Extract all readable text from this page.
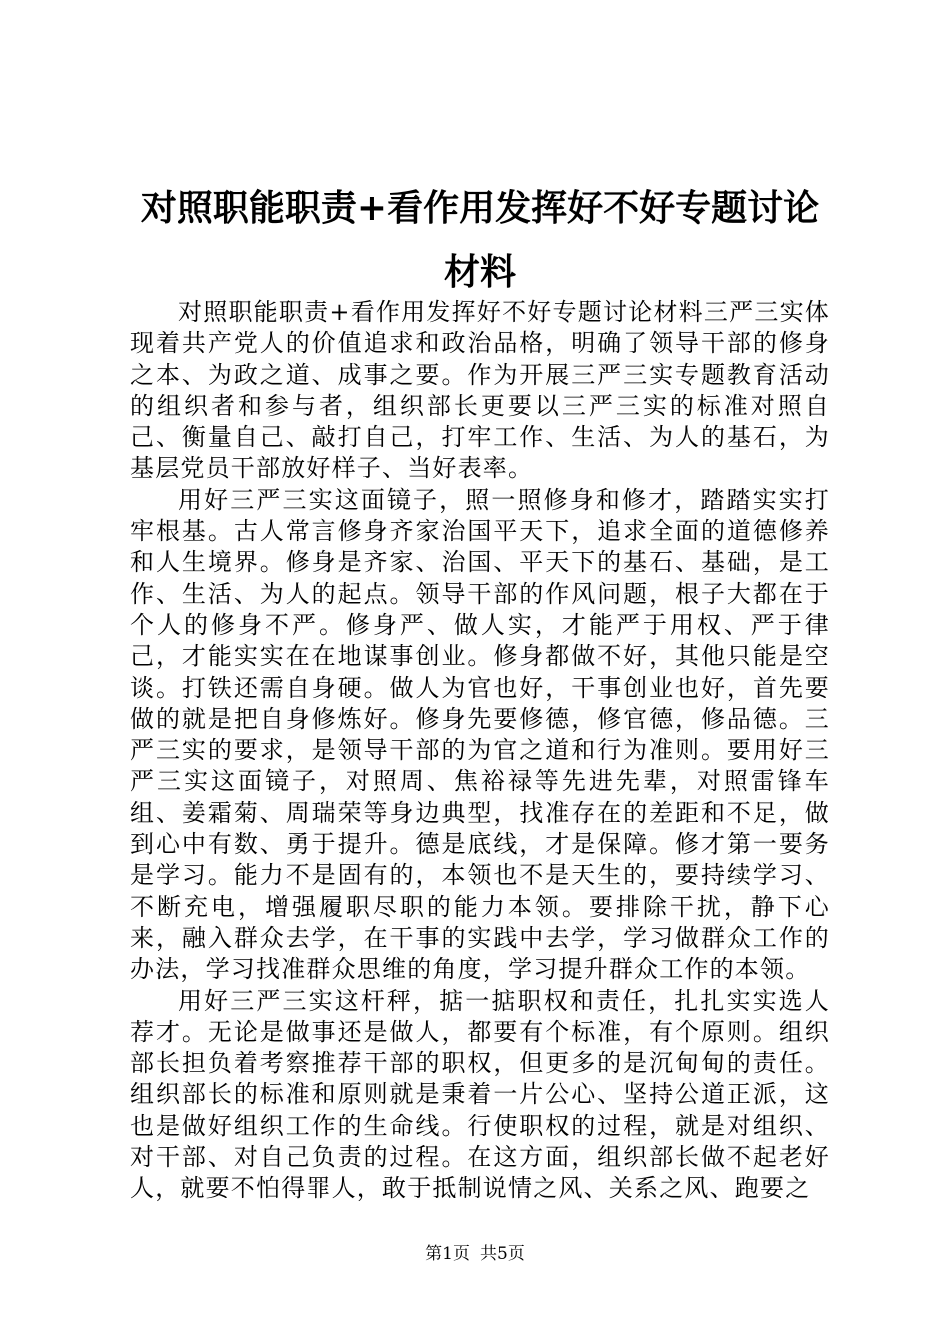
对照职能职责+看作用发挥好不好专题讨论材料

对照职能职责+看作用发挥好不好专题讨论材料三严三实体现着共产党人的价值追求和政治品格，明确了领导干部的修身之本、为政之道、成事之要。作为开展三严三实专题教育活动的组织者和参与者，组织部长更要以三严三实的标准对照自己、衡量自己、敲打自己，打牢工作、生活、为人的基石，为基层党员干部放好样子、当好表率。

用好三严三实这面镜子，照一照修身和修才，踏踏实实打牢根基。古人常言修身齐家治国平天下，追求全面的道德修养和人生境界。修身是齐家、治国、平天下的基石、基础，是工作、生活、为人的起点。领导干部的作风问题，根子大都在于个人的修身不严。修身严、做人实，才能严于用权、严于律己，才能实实在在地谋事创业。修身都做不好，其他只能是空谈。打铁还需自身硬。做人为官也好，干事创业也好，首先要做的就是把自身修炼好。修身先要修德，修官德，修品德。三严三实的要求，是领导干部的为官之道和行为准则。要用好三严三实这面镜子，对照周、焦裕禄等先进先辈，对照雷锋车组、姜霜菊、周瑞荣等身边典型，找准存在的差距和不足，做到心中有数、勇于提升。德是底线，才是保障。修才第一要务是学习。能力不是固有的，本领也不是天生的，要持续学习、不断充电，增强履职尽职的能力本领。要排除干扰，静下心来，融入群众去学，在干事的实践中去学，学习做群众工作的办法，学习找准群众思维的角度，学习提升群众工作的本领。

用好三严三实这杆秤，掂一掂职权和责任，扎扎实实选人荐才。无论是做事还是做人，都要有个标准，有个原则。组织部长担负着考察推荐干部的职权，但更多的是沉甸甸的责任。组织部长的标准和原则就是秉着一片公心、坚持公道正派，这也是做好组织工作的生命线。行使职权的过程，就是对组织、对干部、对自己负责的过程。在这方面，组织部长做不起老好人，就要不怕得罪人，敢于抵制说情之风、关系之风、跑要之

第1页 共5页
